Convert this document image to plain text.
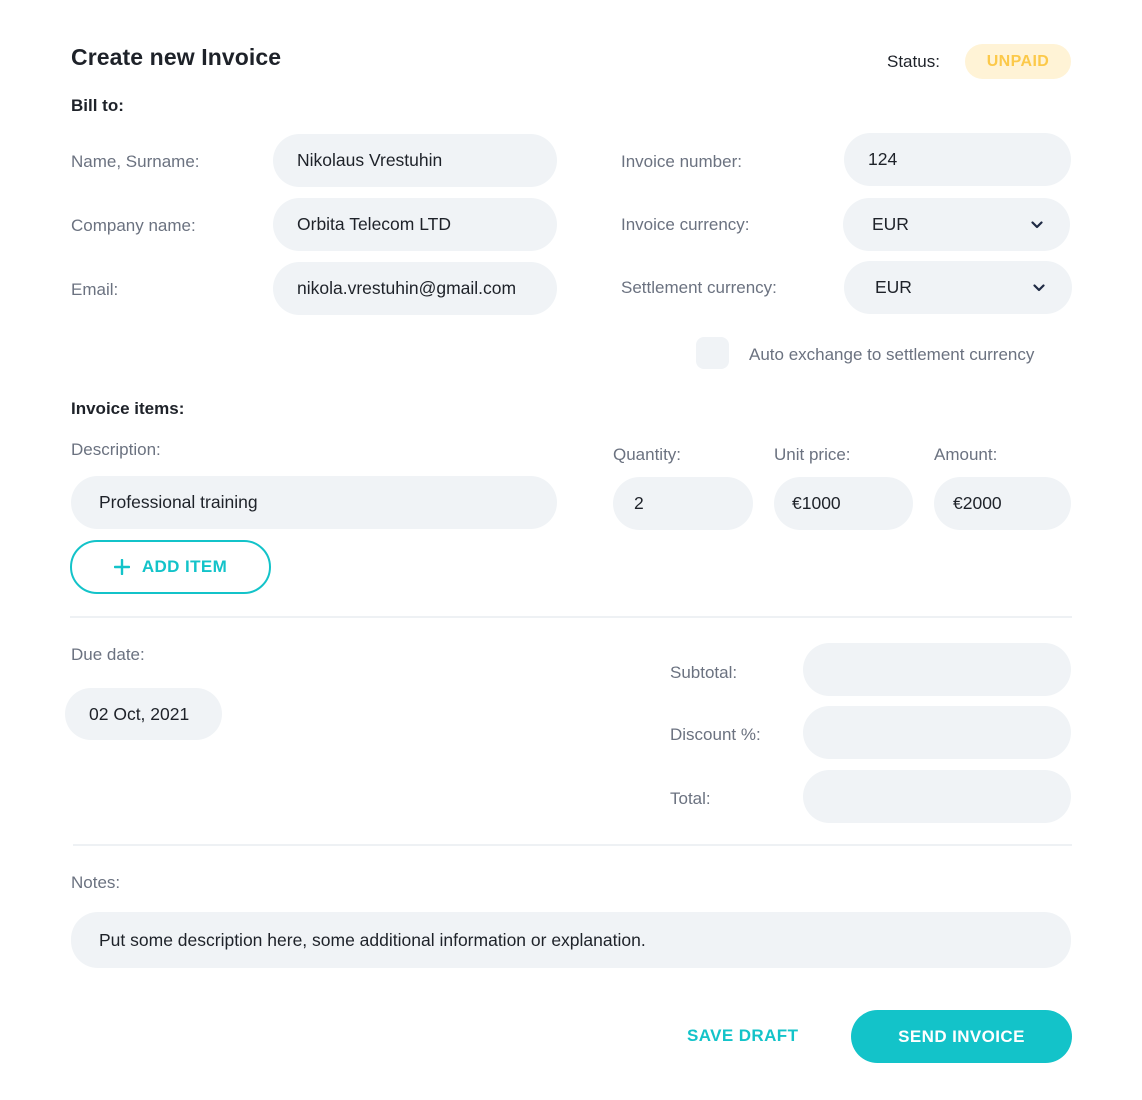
Create new Invoice	Status:	UNPAID
Bill to:
Name, Surname:	Nikolaus Vrestuhin
Company name:	Orbita Telecom LTD
Email:	nikola.vrestuhin@gmail.com
Invoice number:	124
Invoice currency:	EUR
Settlement currency:	EUR
Auto exchange to settlement currency
Invoice items:
Description:	Quantity:	Unit price:	Amount:
Professional training	2	€1000	€2000
ADD ITEM
Due date:
02 Oct, 2021
Subtotal:
Discount %:
Total:
Notes:
Put some description here, some additional information or explanation.
SAVE DRAFT	SEND INVOICE
